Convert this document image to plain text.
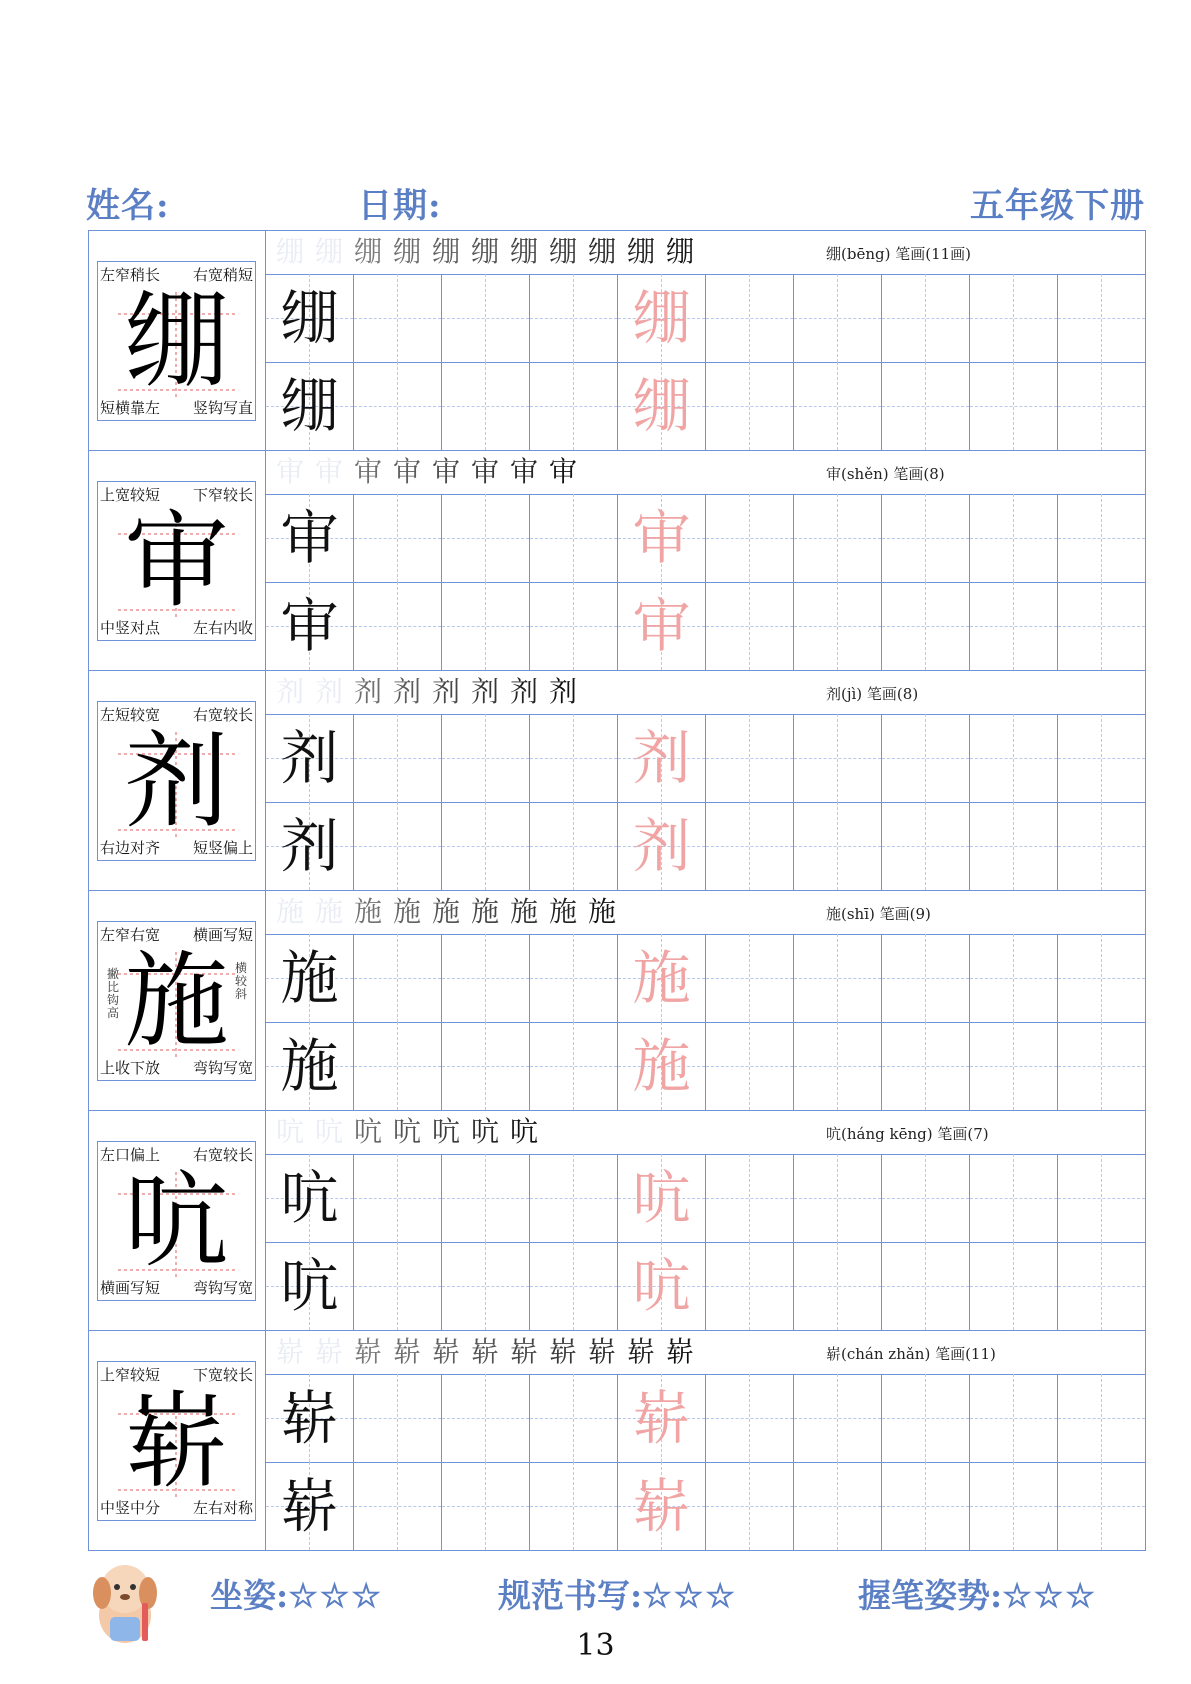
姓名:	日期:	五年级下册
左窄稍长 右宽稍短
短横靠左 竖钩写直
绷
绷(bēng) 笔画(11画)
绷 绷 绷 绷 绷 绷 绷 绷 绷 绷 绷
绷	绷
绷	绷
上宽较短 下窄较长
中竖对点 左右内收
审
审(shěn) 笔画(8)
审 审 审 审 审 审 审 审
审	审
审	审
左短较宽 右宽较长
右边对齐 短竖偏上
剂
剂(jì) 笔画(8)
剂 剂 剂 剂 剂 剂 剂 剂
剂	剂
剂	剂
左窄右宽 横画写短
上收下放 弯钩写宽
施
撇比钩高
横较斜
施(shī) 笔画(9)
施 施 施 施 施 施 施 施 施
施	施
施	施
左口偏上 右宽较长
横画写短 弯钩写宽
吭
吭(háng kēng) 笔画(7)
吭 吭 吭 吭 吭 吭 吭
吭	吭
吭	吭
上窄较短 下宽较长
中竖中分 左右对称
崭
崭(chán zhǎn) 笔画(11)
崭 崭 崭 崭 崭 崭 崭 崭 崭 崭 崭
崭	崭
崭	崭
坐姿:☆☆☆	规范书写:☆☆☆	握笔姿势:☆☆☆
13
